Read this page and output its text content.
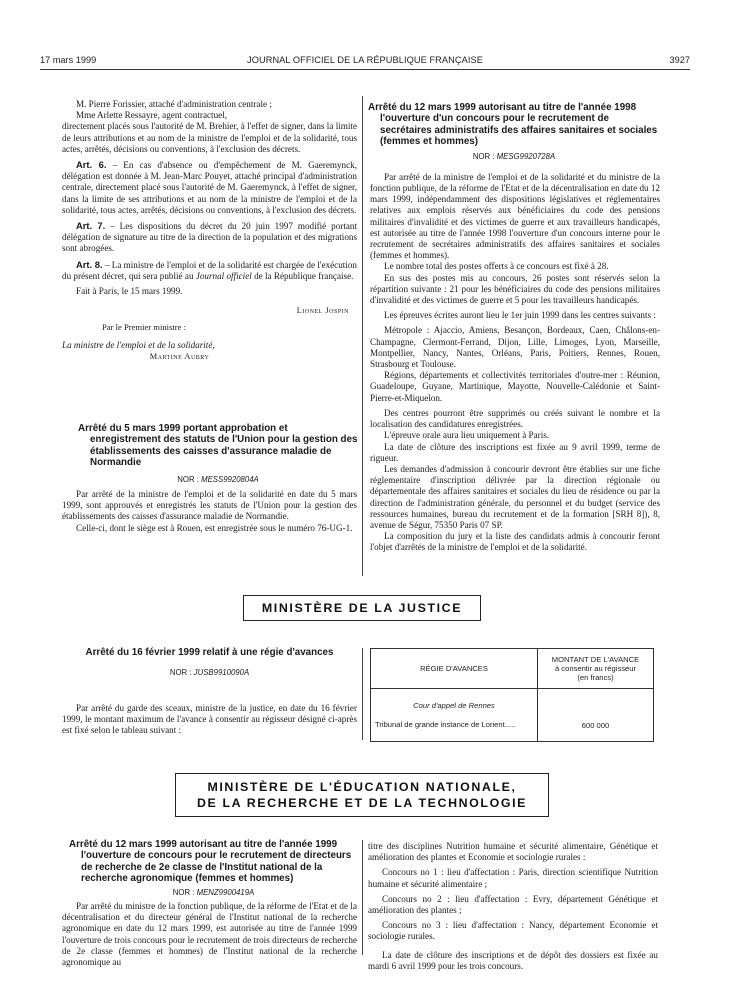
17 mars 1999	JOURNAL OFFICIEL DE LA RÉPUBLIQUE FRANÇAISE	3927

M. Pierre Forissier, attaché d'administration centrale ;

Mme Arlette Ressayre, agent contractuel,

directement placés sous l'autorité de M. Brehier, à l'effet de signer, dans la limite de leurs attributions et au nom de la ministre de l'emploi et de la solidarité, tous actes, arrêtés, décisions ou conventions, à l'exclusion des décrets.

Art. 6. – En cas d'absence ou d'empêchement de M. Gaeremynck, délégation est donnée à M. Jean-Marc Pouyet, attaché principal d'administration centrale, directement placé sous l'autorité de M. Gaeremynck, à l'effet de signer, dans la limite de ses attributions et au nom de la ministre de l'emploi et de la solidarité, tous actes, arrêtés, décisions ou conventions, à l'exclusion des décrets.

Art. 7. – Les dispositions du décret du 20 juin 1997 modifié portant délégation de signature au titre de la direction de la population et des migrations sont abrogées.

Art. 8. – La ministre de l'emploi et de la solidarité est chargée de l'exécution du présent décret, qui sera publié au Journal officiel de la République française.

Fait à Paris, le 15 mars 1999.

Lionel Jospin

Par le Premier ministre :

La ministre de l'emploi et de la solidarité,

Martine Aubry

Arrêté du 5 mars 1999 portant approbation et enregistrement des statuts de l'Union pour la gestion des établissements des caisses d'assurance maladie de Normandie
NOR : MESS9920804A

Par arrêté de la ministre de l'emploi et de la solidarité en date du 5 mars 1999, sont approuvés et enregistrés les statuts de l'Union pour la gestion des établissements des caisses d'assurance maladie de Normandie.

Celle-ci, dont le siège est à Rouen, est enregistrée sous le numéro 76-UG-1.

Arrêté du 12 mars 1999 autorisant au titre de l'année 1998 l'ouverture d'un concours pour le recrutement de secrétaires administratifs des affaires sanitaires et sociales (femmes et hommes)
NOR : MESG9920728A

Par arrêté de la ministre de l'emploi et de la solidarité et du ministre de la fonction publique, de la réforme de l'Etat et de la décentralisation en date du 12 mars 1999, indépendamment des dispositions législatives et réglementaires relatives aux emplois réservés aux bénéficiaires du code des pensions militaires d'invalidité et des victimes de guerre et aux travailleurs handicapés, est autorisée au titre de l'année 1998 l'ouverture d'un concours interne pour le recrutement de secrétaires administratifs des affaires sanitaires et sociales (femmes et hommes).

Le nombre total des postes offerts à ce concours est fixé à 28.

En sus des postes mis au concours, 26 postes sont réservés selon la répartition suivante : 21 pour les bénéficiaires du code des pensions militaires d'invalidité et des victimes de guerre et 5 pour les travailleurs handicapés.

Les épreuves écrites auront lieu le 1er juin 1999 dans les centres suivants :

Métropole : Ajaccio, Amiens, Besançon, Bordeaux, Caen, Châlons-en-Champagne, Clermont-Ferrand, Dijon, Lille, Limoges, Lyon, Marseille, Montpellier, Nancy, Nantes, Orléans, Paris, Poitiers, Rennes, Rouen, Strasbourg et Toulouse.

Régions, départements et collectivités territoriales d'outre-mer : Réunion, Guadeloupe, Guyane, Martinique, Mayotte, Nouvelle-Calédonie et Saint-Pierre-et-Miquelon.

Des centres pourront être supprimés ou créés suivant le nombre et la localisation des candidatures enregistrées.

L'épreuve orale aura lieu uniquement à Paris.

La date de clôture des inscriptions est fixée au 9 avril 1999, terme de rigueur.

Les demandes d'admission à concourir devront être établies sur une fiche réglementaire d'inscription délivrée par la direction régionale ou départementale des affaires sanitaires et sociales du lieu de résidence ou par la direction de l'administration générale, du personnel et du budget (service des ressources humaines, bureau du recrutement et de la formation [SRH 8]), 8, avenue de Ségur, 75350 Paris 07 SP.

La composition du jury et la liste des candidats admis à concourir feront l'objet d'arrêtés de la ministre de l'emploi et de la solidarité.

MINISTÈRE DE LA JUSTICE
Arrêté du 16 février 1999 relatif à une régie d'avances
NOR : JUSB9910090A

Par arrêté du garde des sceaux, ministre de la justice, en date du 16 février 1999, le montant maximum de l'avance à consentir au régisseur désigné ci-après est fixé selon le tableau suivant :

RÉGIE D'AVANCES	MONTANT DE L'AVANCE
à consentir au régisseur
(en francs)

Cour d'appel de Rennes
Tribunal de grande instance de Lorient.....	600 000
MINISTÈRE DE L'ÉDUCATION NATIONALE,
DE LA RECHERCHE ET DE LA TECHNOLOGIE
Arrêté du 12 mars 1999 autorisant au titre de l'année 1999 l'ouverture de concours pour le recrutement de directeurs de recherche de 2e classe de l'Institut national de la recherche agronomique (femmes et hommes)
NOR : MENZ9900419A

Par arrêté du ministre de la fonction publique, de la réforme de l'Etat et de la décentralisation et du directeur général de l'Institut national de la recherche agronomique en date du 12 mars 1999, est autorisée au titre de l'année 1999 l'ouverture de trois concours pour le recrutement de trois directeurs de recherche de 2e classe (femmes et hommes) de l'Institut national de la recherche agronomique au

titre des disciplines Nutrition humaine et sécurité alimentaire, Génétique et amélioration des plantes et Economie et sociologie rurales :

Concours no 1 : lieu d'affectation : Paris, direction scientifique Nutrition humaine et sécurité alimentaire ;

Concours no 2 : lieu d'affectation : Evry, département Génétique et amélioration des plantes ;

Concours no 3 : lieu d'affectation : Nancy, département Economie et sociologie rurales.

La date de clôture des inscriptions et de dépôt des dossiers est fixée au mardi 6 avril 1999 pour les trois concours.
